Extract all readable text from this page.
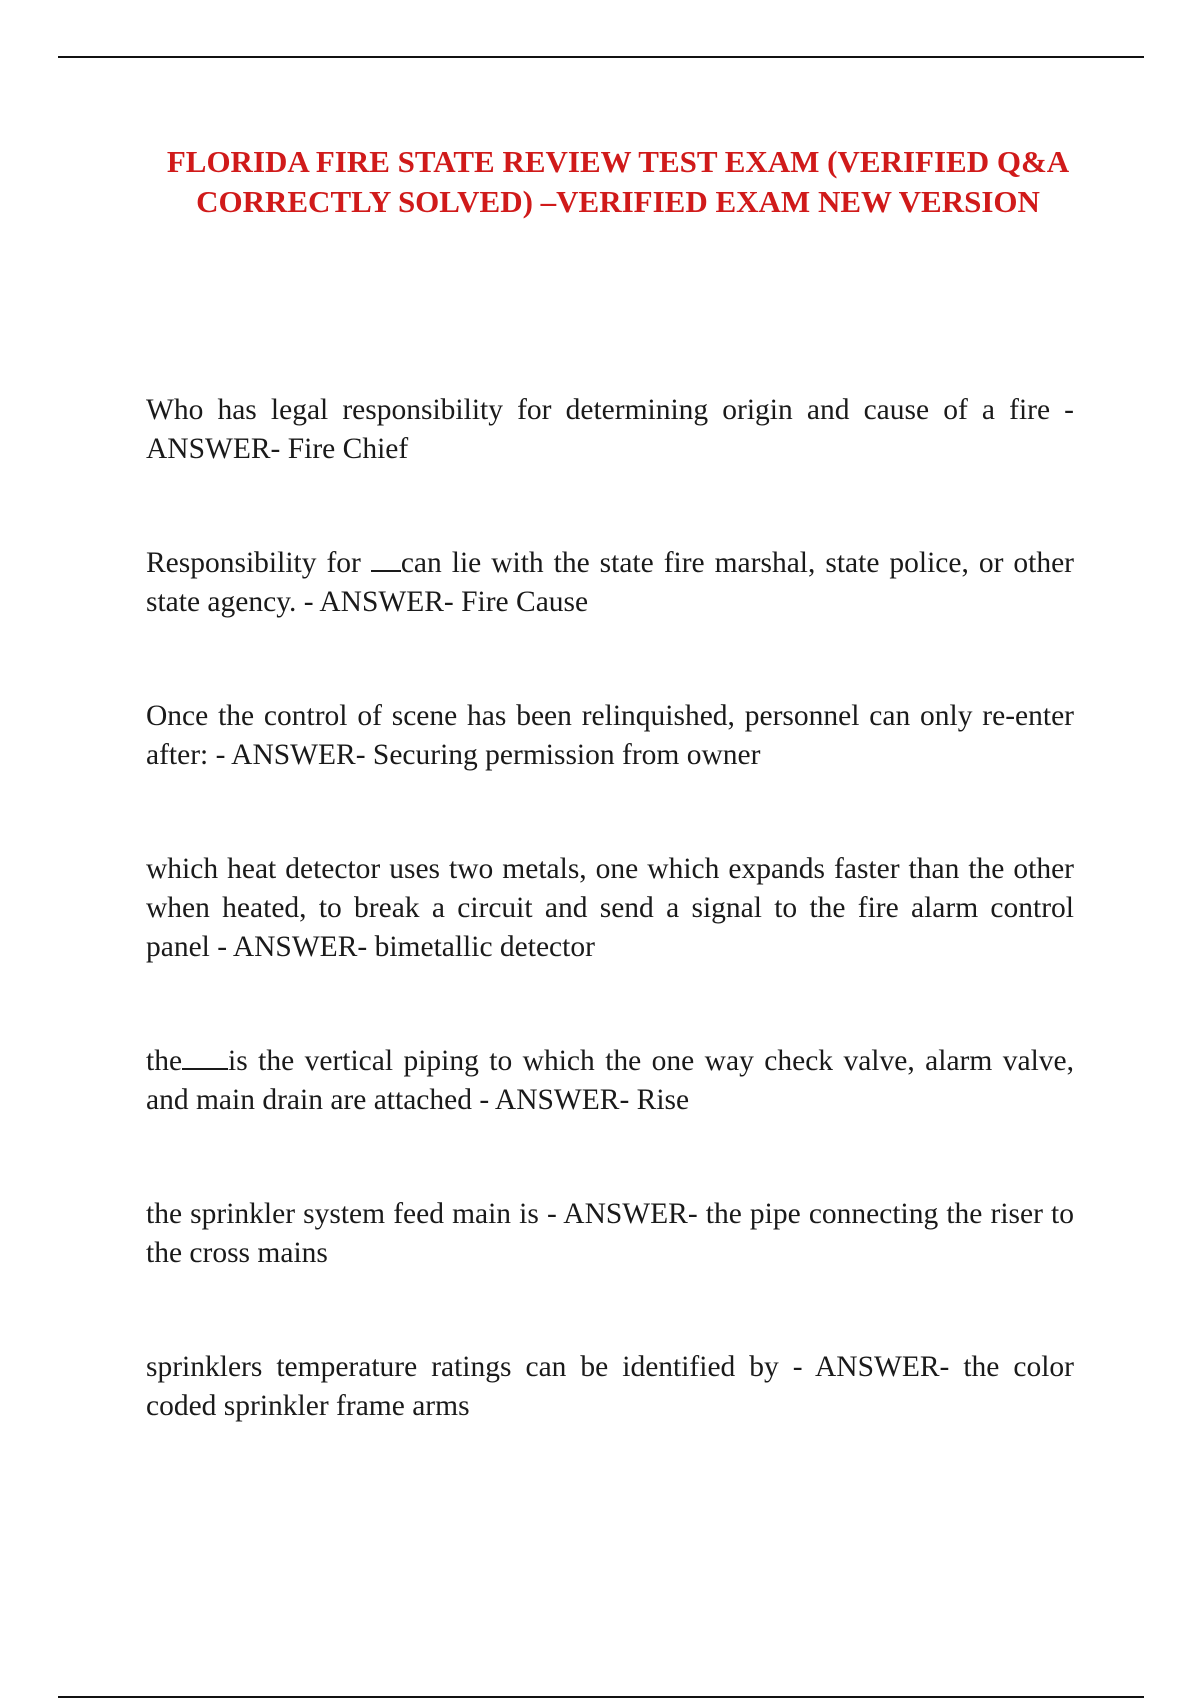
FLORIDA FIRE STATE REVIEW TEST EXAM (VERIFIED Q&A CORRECTLY SOLVED) –VERIFIED EXAM NEW VERSION

Who has legal responsibility for determining origin and cause of a fire - ANSWER- Fire Chief

Responsibility for can lie with the state fire marshal, state police, or other state agency. - ANSWER- Fire Cause

Once the control of scene has been relinquished, personnel can only re-enter after: - ANSWER- Securing permission from owner

which heat detector uses two metals, one which expands faster than the other when heated, to break a circuit and send a signal to the fire alarm control panel - ANSWER- bimetallic detector

the is the vertical piping to which the one way check valve, alarm valve, and main drain are attached - ANSWER- Rise

the sprinkler system feed main is - ANSWER- the pipe connecting the riser to the cross mains

sprinklers temperature ratings can be identified by - ANSWER- the color coded sprinkler frame arms
